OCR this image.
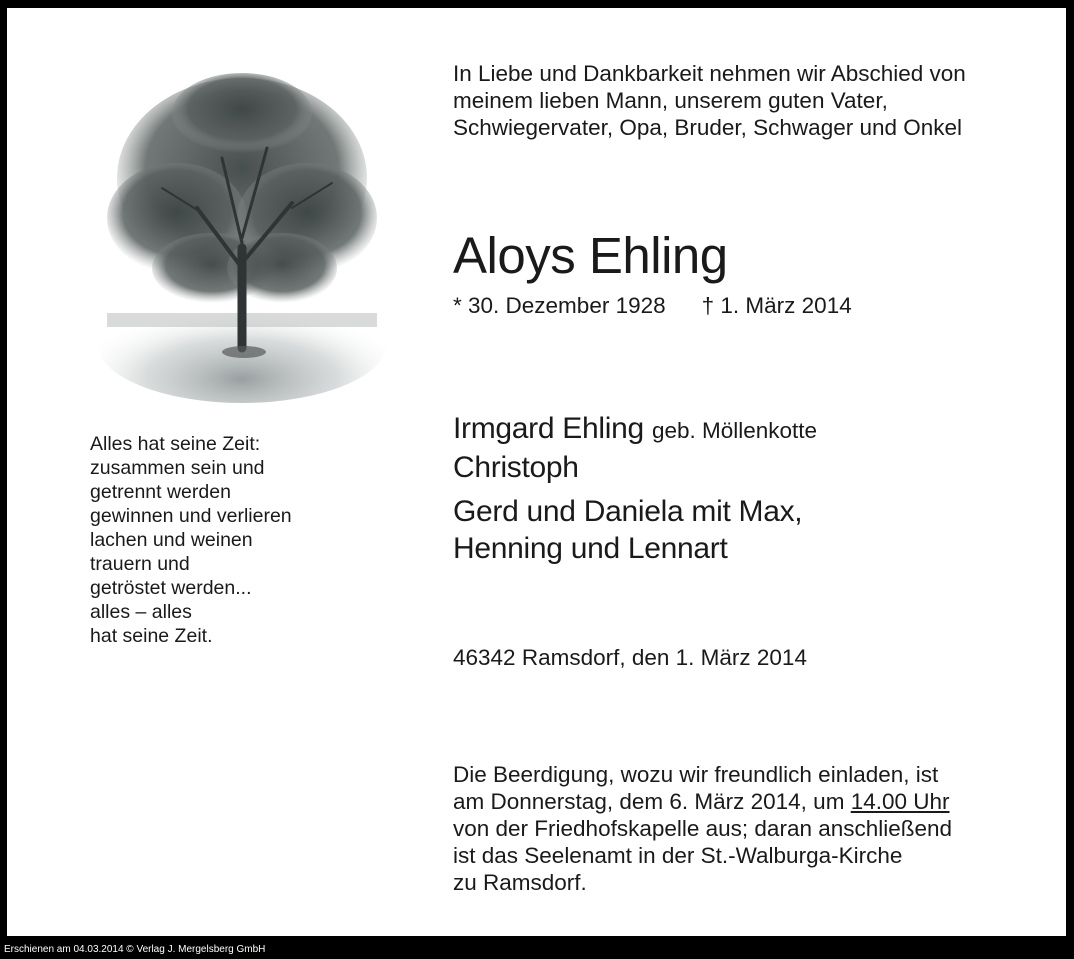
In Liebe und Dankbarkeit nehmen wir Abschied von
meinem lieben Mann, unserem guten Vater,
Schwiegervater, Opa, Bruder, Schwager und Onkel

Aloys Ehling

* 30. Dezember 1928 † 1. März 2014

Irmgard Ehling geb. Möllenkotte

Christoph

Gerd und Daniela mit Max,
Henning und Lennart

46342 Ramsdorf, den 1. März 2014

Die Beerdigung, wozu wir freundlich einladen, ist
am Donnerstag, dem 6. März 2014, um 14.00 Uhr
von der Friedhofskapelle aus; daran anschließend
ist das Seelenamt in der St.-Walburga-Kirche
zu Ramsdorf.

Alles hat seine Zeit:
zusammen sein und
getrennt werden
gewinnen und verlieren
lachen und weinen
trauern und
getröstet werden...
alles – alles
hat seine Zeit.

Erschienen am 04.03.2014 © Verlag J. Mergelsberg GmbH
